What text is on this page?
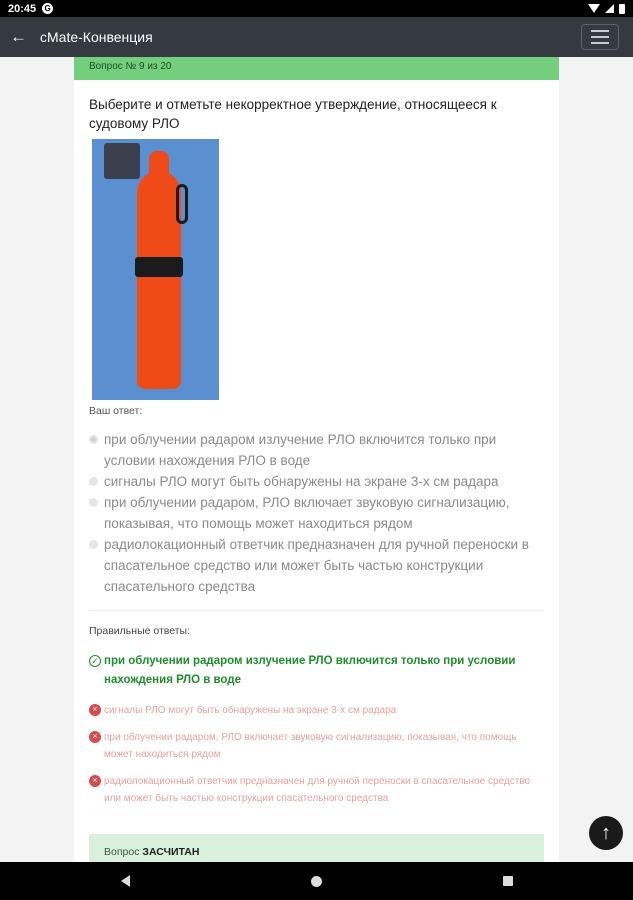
20:45 G
← cMate-Конвенция
Вопрос № 9 из 20
Выберите и отметьте некорректное утверждение, относящееся к судовому РЛО
Ваш ответ:
при облучении радаром излучение РЛО включится только при условии нахождения РЛО в воде
сигналы РЛО могут быть обнаружены на экране 3-х см радара
при облучении радаром, РЛО включает звуковую сигнализацию, показывая, что помощь может находиться рядом
радиолокационный ответчик предназначен для ручной переноски в спасательное средство или может быть частью конструкции спасательного средства
Правильные ответы:
✓ при облучении радаром излучение РЛО включится только при условии нахождения РЛО в воде
× сигналы РЛО могут быть обнаружены на экране 3-х см радара
× при облучении радаром, РЛО включает звуковую сигнализацию, показывая, что помощь может находиться рядом
× радиолокационный ответчик предназначен для ручной переноски в спасательное средство или может быть частью конструкции спасательного средства
Вопрос ЗАСЧИТАН
↑
